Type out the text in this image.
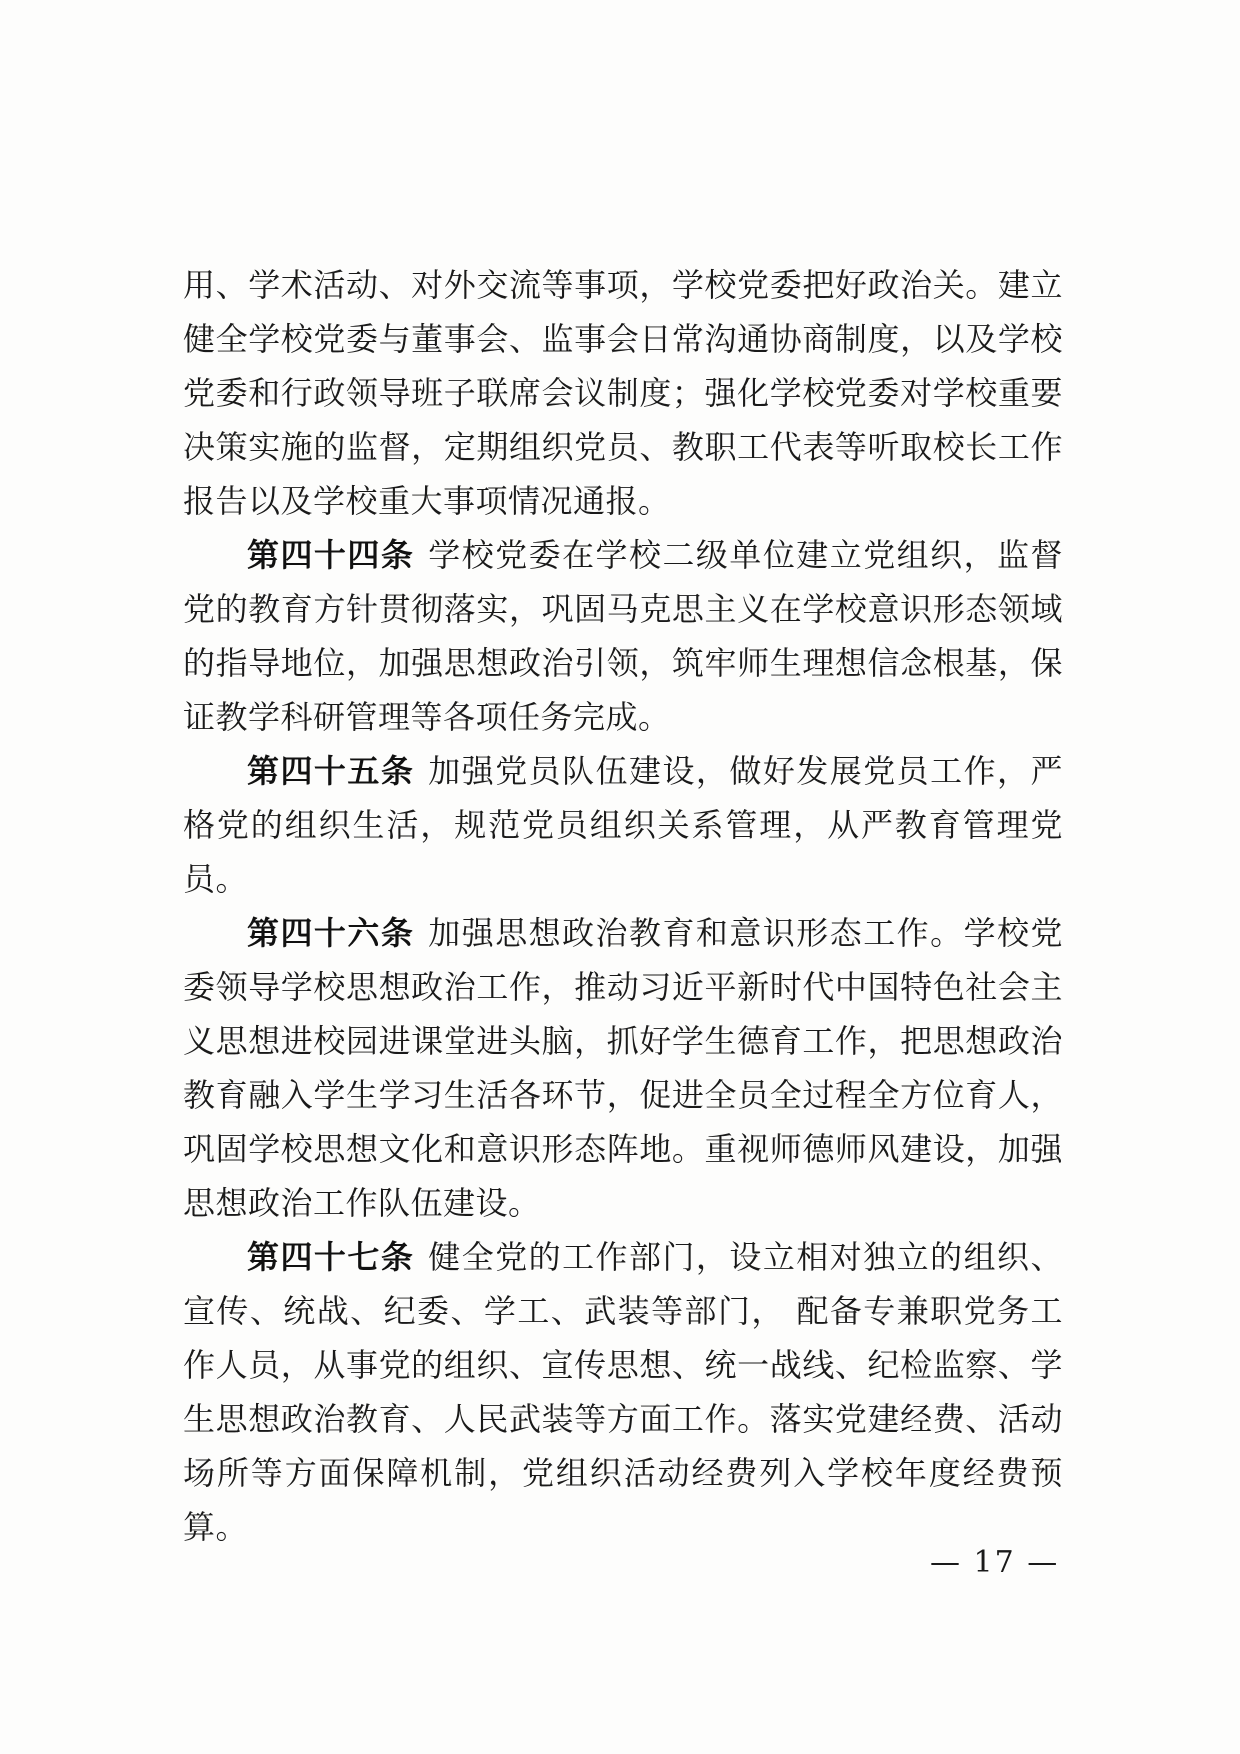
用、学术活动、对外交流等事项，学校党委把好政治关。建立健全学校党委与董事会、监事会日常沟通协商制度，以及学校党委和行政领导班子联席会议制度；强化学校党委对学校重要决策实施的监督，定期组织党员、教职工代表等听取校长工作报告以及学校重大事项情况通报。

第四十四条 学校党委在学校二级单位建立党组织，监督党的教育方针贯彻落实，巩固马克思主义在学校意识形态领域的指导地位，加强思想政治引领，筑牢师生理想信念根基，保证教学科研管理等各项任务完成。

第四十五条 加强党员队伍建设，做好发展党员工作，严格党的组织生活，规范党员组织关系管理，从严教育管理党员。

第四十六条 加强思想政治教育和意识形态工作。学校党委领导学校思想政治工作，推动习近平新时代中国特色社会主义思想进校园进课堂进头脑，抓好学生德育工作，把思想政治教育融入学生学习生活各环节，促进全员全过程全方位育人，巩固学校思想文化和意识形态阵地。重视师德师风建设，加强思想政治工作队伍建设。

第四十七条 健全党的工作部门，设立相对独立的组织、宣传、统战、纪委、学工、武装等部门， 配备专兼职党务工作人员，从事党的组织、宣传思想、统一战线、纪检监察、学生思想政治教育、人民武装等方面工作。落实党建经费、活动场所等方面保障机制，党组织活动经费列入学校年度经费预算。

— 17 —
